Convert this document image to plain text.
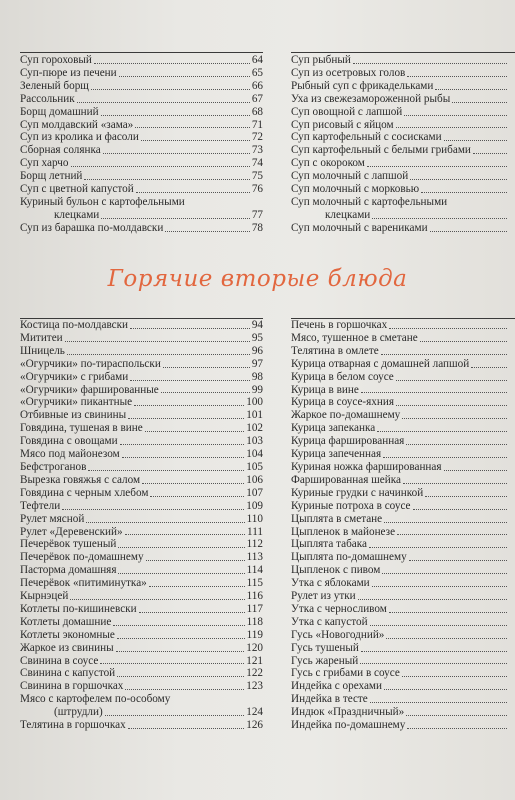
Суп гороховый	64
Суп-пюре из печени	65
Зеленый борщ	66
Рассольник	67
Борщ домашний	68
Суп молдавский «зама»	71
Суп из кролика и фасоли	72
Сборная солянка	73
Суп харчо	74
Борщ летний	75
Суп с цветной капустой	76
Куриный бульон с картофельными
клецками	77
Суп из барашка по-молдавски	78
Суп рыбный
Суп из осетровых голов
Рыбный суп с фрикадельками
Уха из свежезамороженной рыбы
Суп овощной с лапшой
Суп рисовый с яйцом
Суп картофельный с сосисками
Суп картофельный с белыми грибами
Суп с окороком
Суп молочный с лапшой
Суп молочный с морковью
Суп молочный с картофельными
клецками
Суп молочный с варениками
Горячие вторые блюда
Костица по-молдавски	94
Мититеи	95
Шницель	96
«Огурчики» по-тираспольски	97
«Огурчики» с грибами	98
«Огурчики» фаршированные	99
«Огурчики» пикантные	100
Отбивные из свинины	101
Говядина, тушеная в вине	102
Говядина с овощами	103
Мясо под майонезом	104
Бефстроганов	105
Вырезка говяжья с салом	106
Говядина с черным хлебом	107
Тефтели	109
Рулет мясной	110
Рулет «Деревенский»	111
Печерёвок тушеный	112
Печерёвок по-домашнему	113
Пасторма домашняя	114
Печерёвок «питиминутка»	115
Кырнэцей	116
Котлеты по-кишиневски	117
Котлеты домашние	118
Котлеты экономные	119
Жаркое из свинины	120
Свинина в соусе	121
Свинина с капустой	122
Свинина в горшочках	123
Мясо с картофелем по-особому
(штрудли)	124
Телятина в горшочках	126
Печень в горшочках
Мясо, тушенное в сметане
Телятина в омлете
Курица отварная с домашней лапшой
Курица в белом соусе
Курица в вине
Курица в соусе-яхния
Жаркое по-домашнему
Курица запеканка
Курица фаршированная
Курица запеченная
Куриная ножка фаршированная
Фаршированная шейка
Куриные грудки с начинкой
Куриные потроха в соусе
Цыплята в сметане
Цыпленок в майонезе
Цыплята табака
Цыплята по-домашнему
Цыпленок с пивом
Утка с яблоками
Рулет из утки
Утка с черносливом
Утка с капустой
Гусь «Новогодний»
Гусь тушеный
Гусь жареный
Гусь с грибами в соусе
Индейка с орехами
Индейка в тесте
Индюк «Праздничный»
Индейка по-домашнему
